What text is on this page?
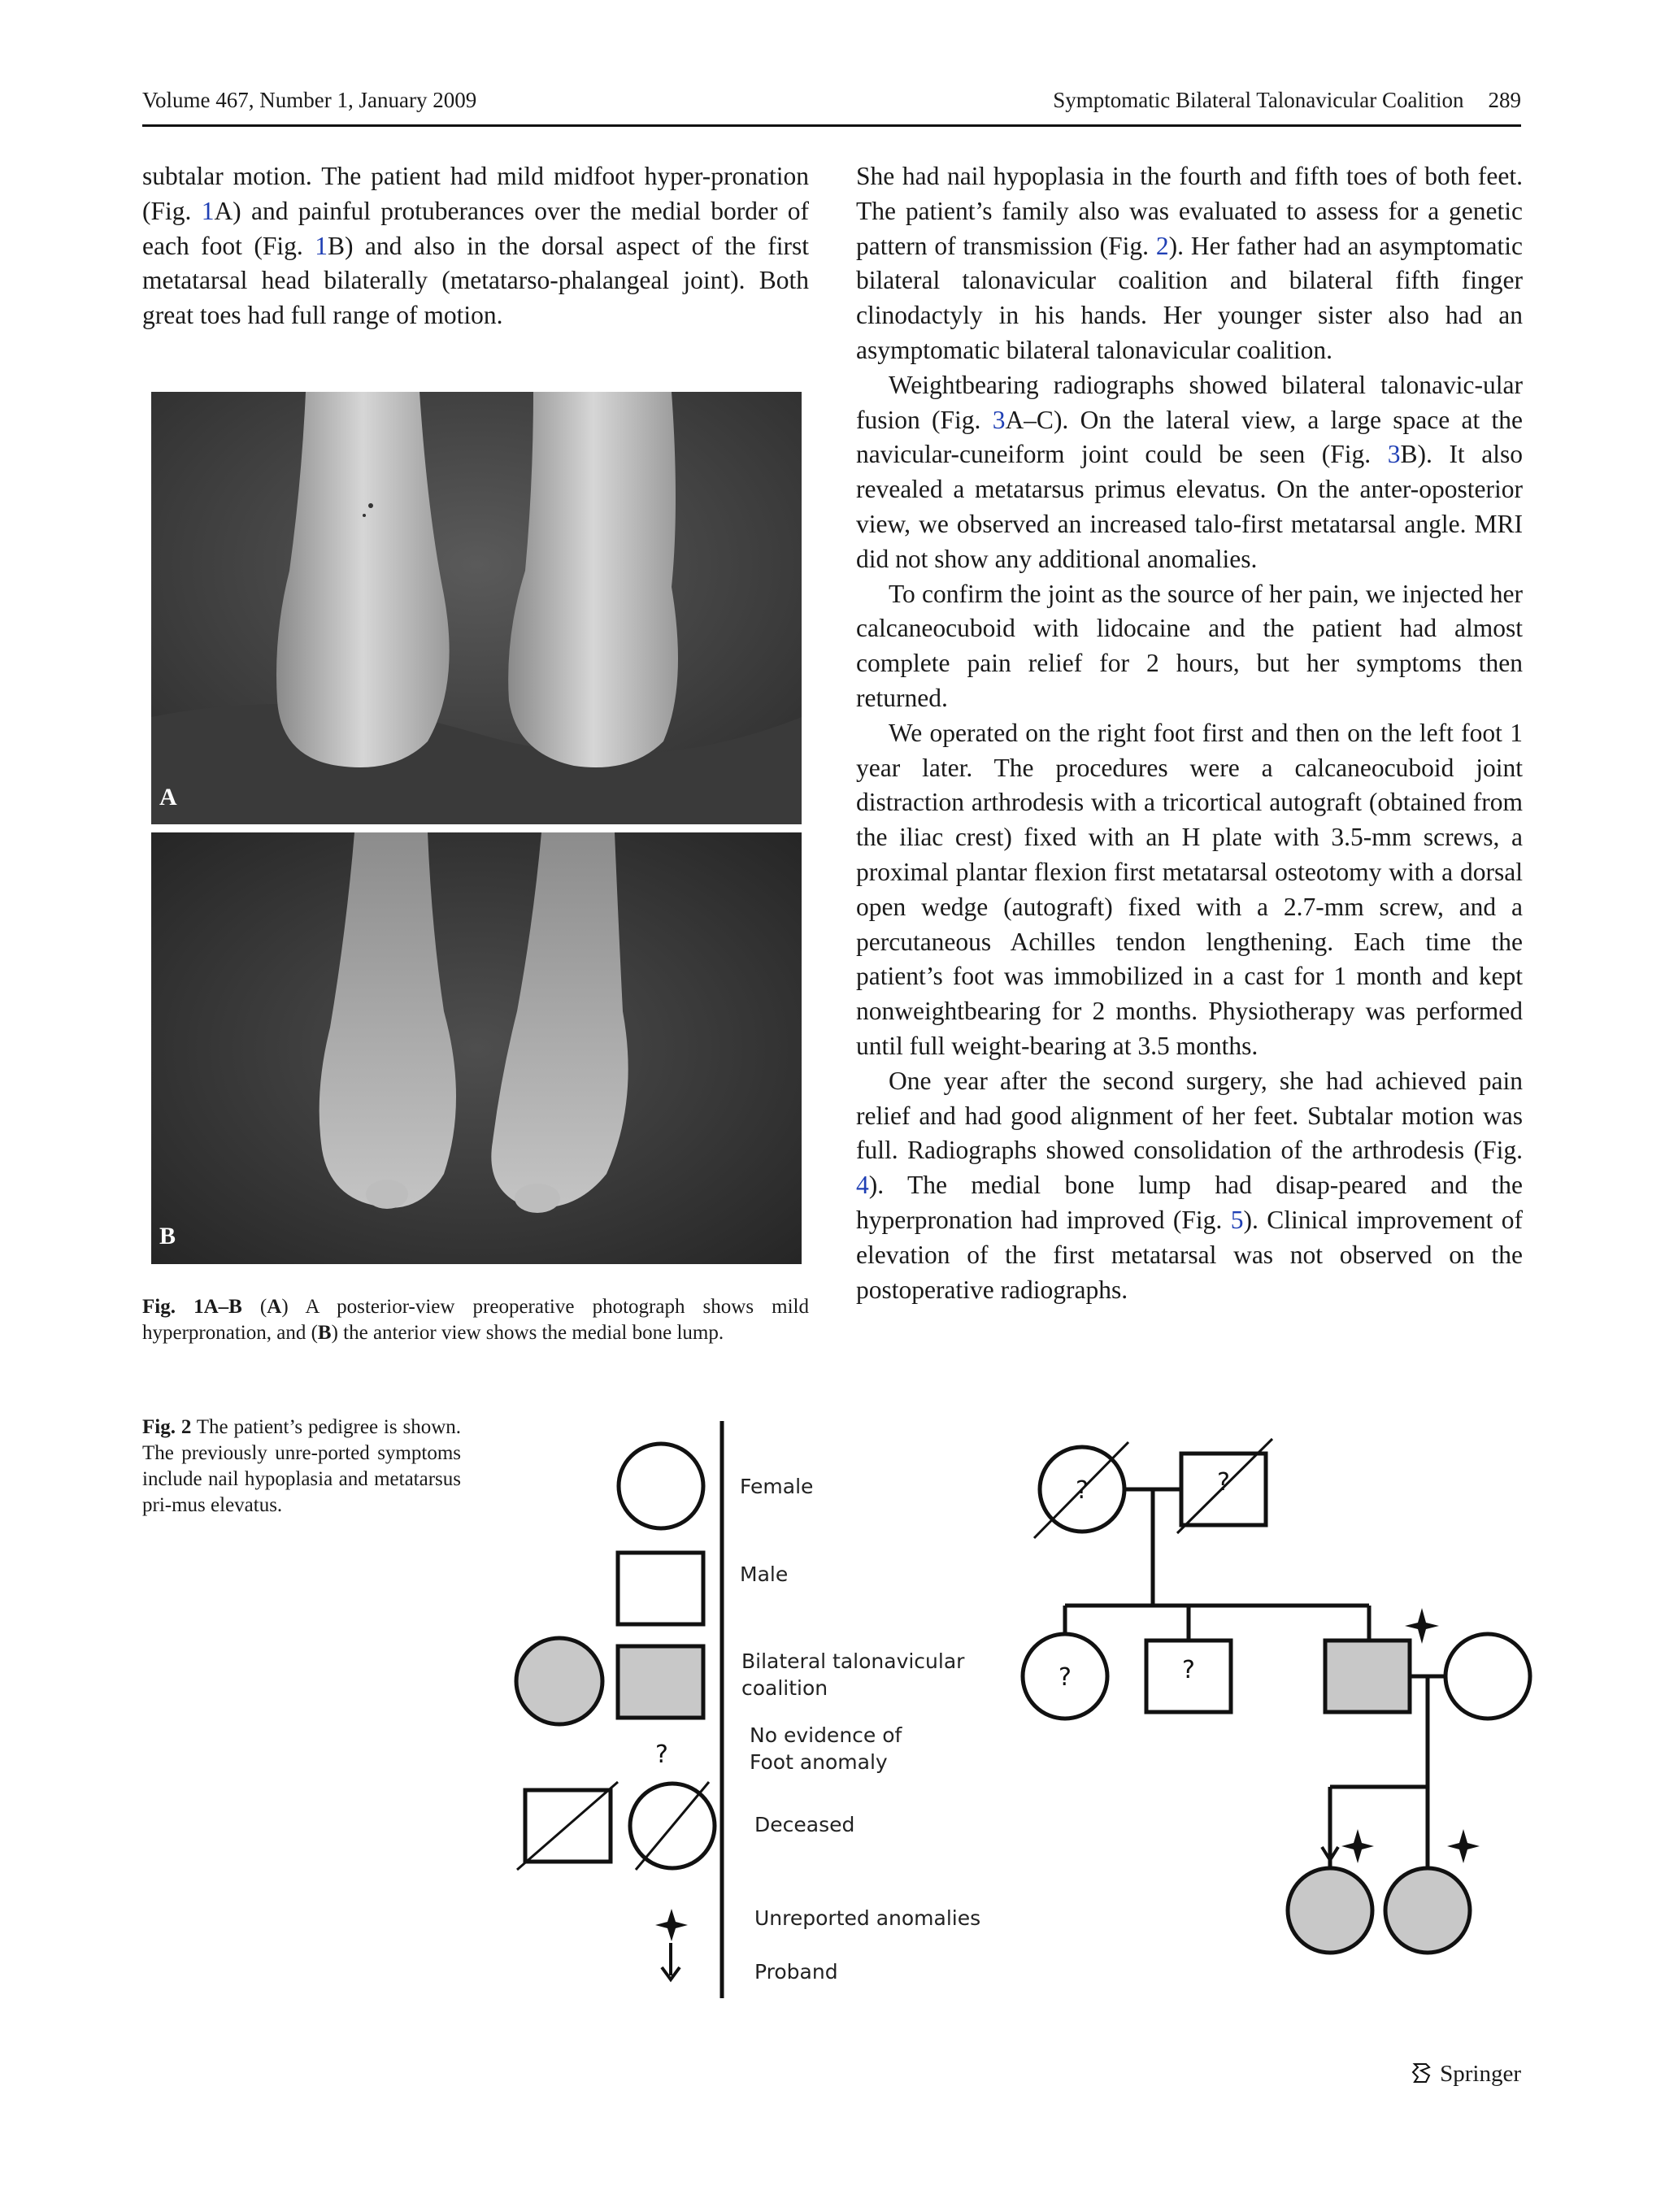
Volume 467, Number 1, January 2009	Symptomatic Bilateral Talonavicular Coalition 289

subtalar motion. The patient had mild midfoot hyper-pronation (Fig. 1A) and painful protuberances over the medial border of each foot (Fig. 1B) and also in the dorsal aspect of the first metatarsal head bilaterally (metatarso-phalangeal joint). Both great toes had full range of motion.

A
B
Fig. 1A–B (A) A posterior-view preoperative photograph shows mild hyperpronation, and (B) the anterior view shows the medial bone lump.

She had nail hypoplasia in the fourth and fifth toes of both feet. The patient’s family also was evaluated to assess for a genetic pattern of transmission (Fig. 2). Her father had an asymptomatic bilateral talonavicular coalition and bilateral fifth finger clinodactyly in his hands. Her younger sister also had an asymptomatic bilateral talonavicular coalition.

Weightbearing radiographs showed bilateral talonavic-ular fusion (Fig. 3A–C). On the lateral view, a large space at the navicular-cuneiform joint could be seen (Fig. 3B). It also revealed a metatarsus primus elevatus. On the anter-oposterior view, we observed an increased talo-first metatarsal angle. MRI did not show any additional anomalies.

To confirm the joint as the source of her pain, we injected her calcaneocuboid with lidocaine and the patient had almost complete pain relief for 2 hours, but her symptoms then returned.

We operated on the right foot first and then on the left foot 1 year later. The procedures were a calcaneocuboid joint distraction arthrodesis with a tricortical autograft (obtained from the iliac crest) fixed with an H plate with 3.5-mm screws, a proximal plantar flexion first metatarsal osteotomy with a dorsal open wedge (autograft) fixed with a 2.7-mm screw, and a percutaneous Achilles tendon lengthening. Each time the patient’s foot was immobilized in a cast for 1 month and kept nonweightbearing for 2 months. Physiotherapy was performed until full weight-bearing at 3.5 months.

One year after the second surgery, she had achieved pain relief and had good alignment of her feet. Subtalar motion was full. Radiographs showed consolidation of the arthrodesis (Fig. 4). The medial bone lump had disap-peared and the hyperpronation had improved (Fig. 5). Clinical improvement of elevation of the first metatarsal was not observed on the postoperative radiographs.

Fig. 2 The patient’s pedigree is shown. The previously unre-ported symptoms include nail hypoplasia and metatarsus pri-mus elevatus.
?
?	?
?	?
Female
Male
Bilateral talonavicular
coalition
No evidence of
Foot anomaly
Deceased
Unreported anomalies
Proband
Springer
